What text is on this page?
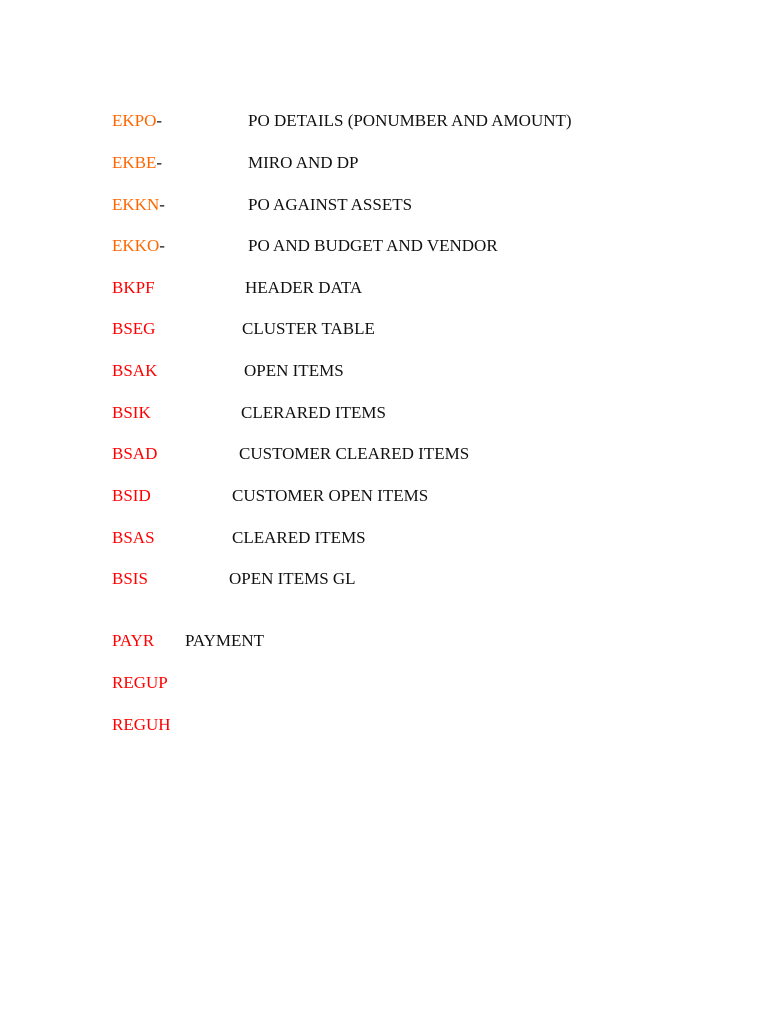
EKPO-	PO DETAILS (PONUMBER AND AMOUNT)
EKBE-	MIRO AND DP
EKKN-	PO AGAINST ASSETS
EKKO-	PO AND BUDGET AND VENDOR
BKPF	HEADER DATA
BSEG	CLUSTER TABLE
BSAK	OPEN ITEMS
BSIK	CLERARED ITEMS
BSAD	CUSTOMER CLEARED ITEMS
BSID	CUSTOMER OPEN ITEMS
BSAS	CLEARED ITEMS
BSIS	OPEN ITEMS GL
PAYR PAYMENT
REGUP
REGUH
